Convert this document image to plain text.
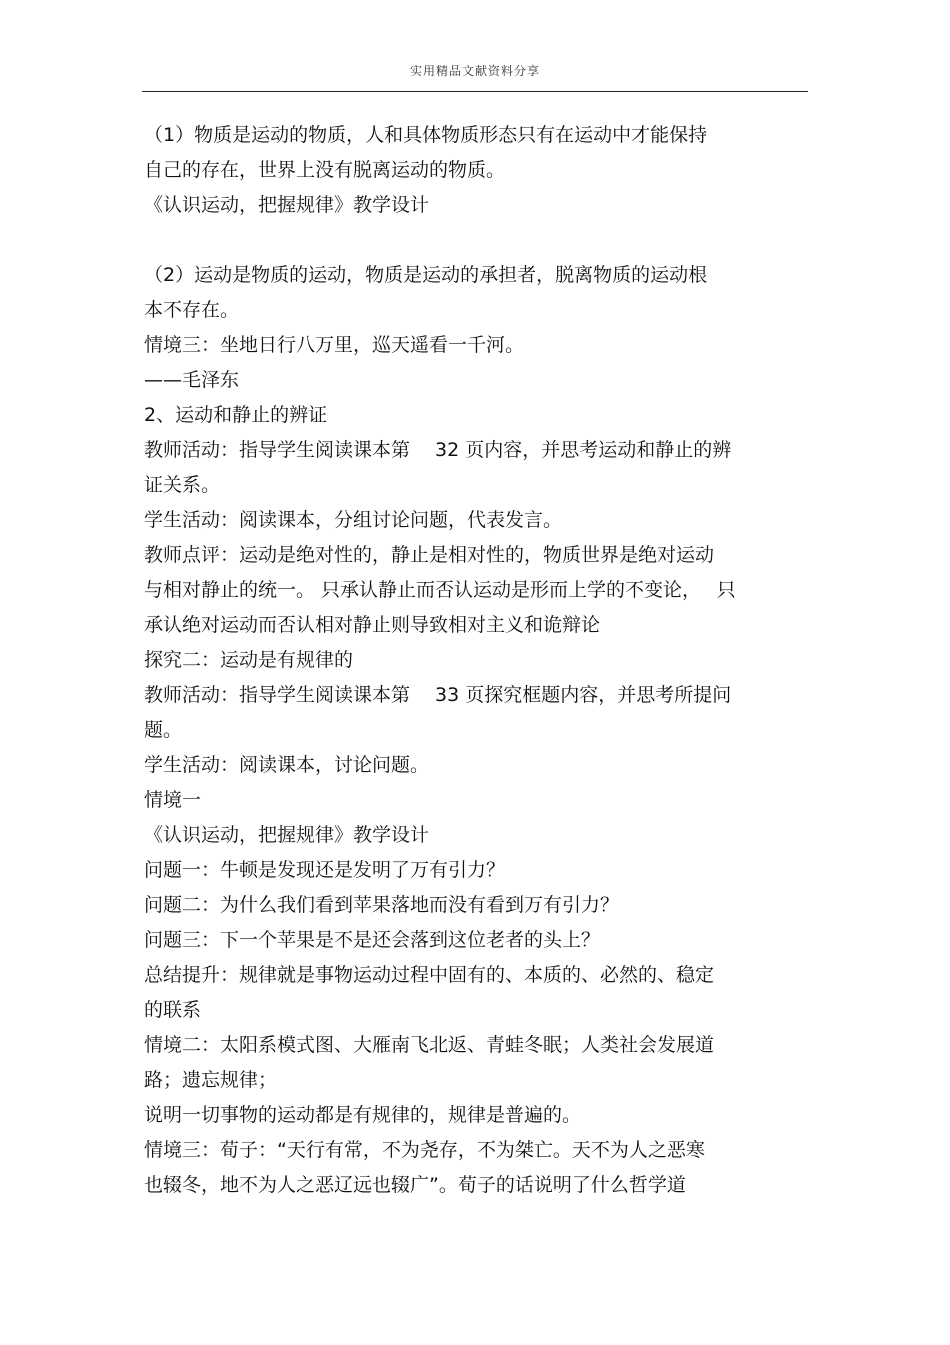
实用精品文献资料分享
（1）物质是运动的物质，人和具体物质形态只有在运动中才能保持
自己的存在，世界上没有脱离运动的物质。
《认识运动，把握规律》教学设计
（2）运动是物质的运动，物质是运动的承担者，脱离物质的运动根
本不存在。
情境三：坐地日行八万里，巡天遥看一千河。
——毛泽东
2、运动和静止的辨证
教师活动：指导学生阅读课本第　 32 页内容，并思考运动和静止的辨
证关系。
学生活动：阅读课本，分组讨论问题，代表发言。
教师点评：运动是绝对性的，静止是相对性的，物质世界是绝对运动
与相对静止的统一。 只承认静止而否认运动是形而上学的不变论，　 只
承认绝对运动而否认相对静止则导致相对主义和诡辩论
探究二：运动是有规律的
教师活动：指导学生阅读课本第　 33 页探究框题内容，并思考所提问
题。
学生活动：阅读课本，讨论问题。
情境一
《认识运动，把握规律》教学设计
问题一：牛顿是发现还是发明了万有引力？
问题二：为什么我们看到苹果落地而没有看到万有引力？
问题三：下一个苹果是不是还会落到这位老者的头上？
总结提升：规律就是事物运动过程中固有的、本质的、必然的、稳定
的联系
情境二：太阳系模式图、大雁南飞北返、青蛙冬眠；人类社会发展道
路；遗忘规律；
说明一切事物的运动都是有规律的，规律是普遍的。
情境三：荀子：“天行有常，不为尧存，不为桀亡。天不为人之恶寒
也辍冬，地不为人之恶辽远也辍广”。荀子的话说明了什么哲学道
